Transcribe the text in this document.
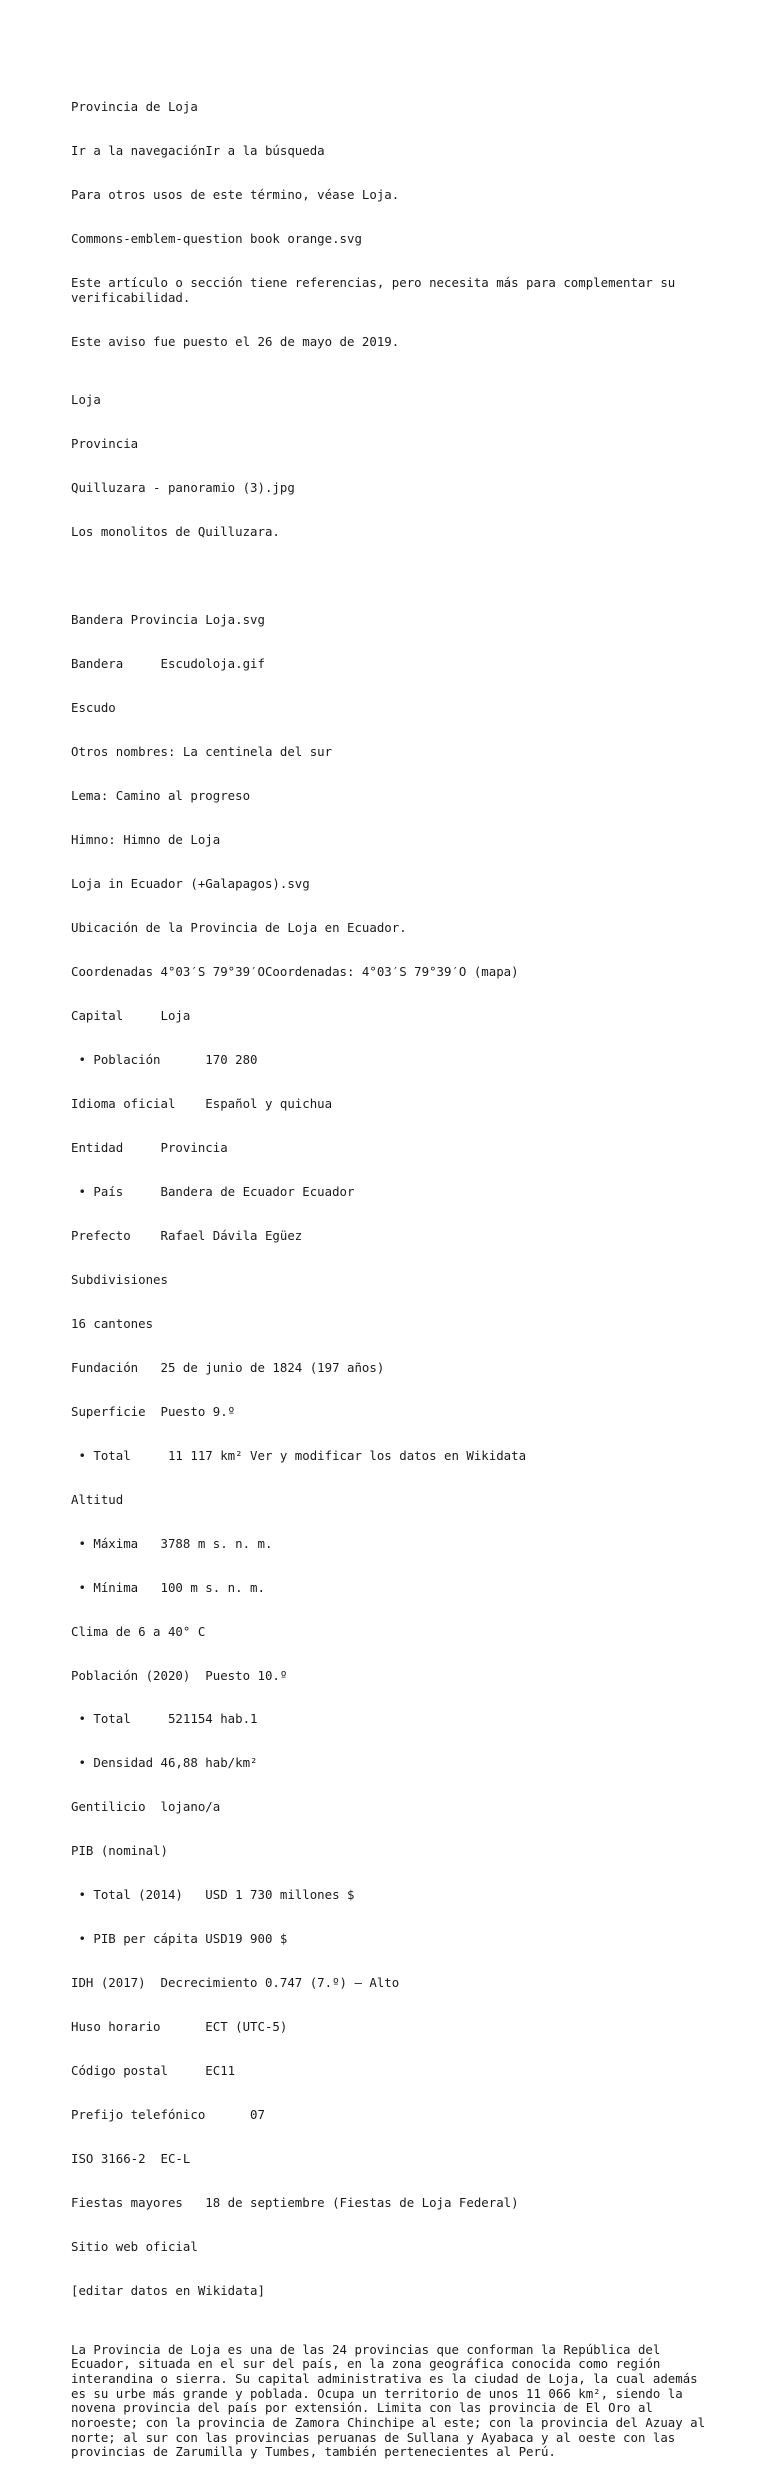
Provincia de Loja

Ir a la navegaciónIr a la búsqueda

Para otros usos de este término, véase Loja.

Commons-emblem-question book orange.svg

Este artículo o sección tiene referencias, pero necesita más para complementar su verificabilidad.

Este aviso fue puesto el 26 de mayo de 2019.

Loja

Provincia

Quilluzara - panoramio (3).jpg

Los monolitos de Quilluzara.

Bandera Provincia Loja.svg

Bandera     Escudoloja.gif

Escudo

Otros nombres: La centinela del sur

Lema: Camino al progreso

Himno: Himno de Loja

Loja in Ecuador (+Galapagos).svg

Ubicación de la Provincia de Loja en Ecuador.

Coordenadas 4°03′S 79°39′OCoordenadas: 4°03′S 79°39′O (mapa)

Capital     Loja

• Población      170 280

Idioma oficial    Español y quichua

Entidad     Provincia

• País     Bandera de Ecuador Ecuador

Prefecto    Rafael Dávila Egüez

Subdivisiones

16 cantones

Fundación   25 de junio de 1824 (197 años)

Superficie  Puesto 9.º

• Total     11 117 km² Ver y modificar los datos en Wikidata

Altitud

• Máxima   3788 m s. n. m.

• Mínima   100 m s. n. m.

Clima de 6 a 40° C

Población (2020)  Puesto 10.º

• Total     521154 hab.1

• Densidad 46,88 hab/km²

Gentilicio  lojano/a

PIB (nominal)

• Total (2014)   USD 1 730 millones $

• PIB per cápita USD19 900 $

IDH (2017)  Decrecimiento 0.747 (7.º) – Alto

Huso horario      ECT (UTC-5)

Código postal     EC11

Prefijo telefónico      07

ISO 3166-2  EC-L

Fiestas mayores   18 de septiembre (Fiestas de Loja Federal)

Sitio web oficial

[editar datos en Wikidata]

La Provincia de Loja es una de las 24 provincias que conforman la República del Ecuador, situada en el sur del país, en la zona geográfica conocida como región interandina o sierra. Su capital administrativa es la ciudad de Loja, la cual además es su urbe más grande y poblada. Ocupa un territorio de unos 11 066 km², siendo la novena provincia del país por extensión. Limita con las provincia de El Oro al noroeste; con la provincia de Zamora Chinchipe al este; con la provincia del Azuay al norte; al sur con las provincias peruanas de Sullana y Ayabaca y al oeste con las provincias de Zarumilla y Tumbes, también pertenecientes al Perú.
